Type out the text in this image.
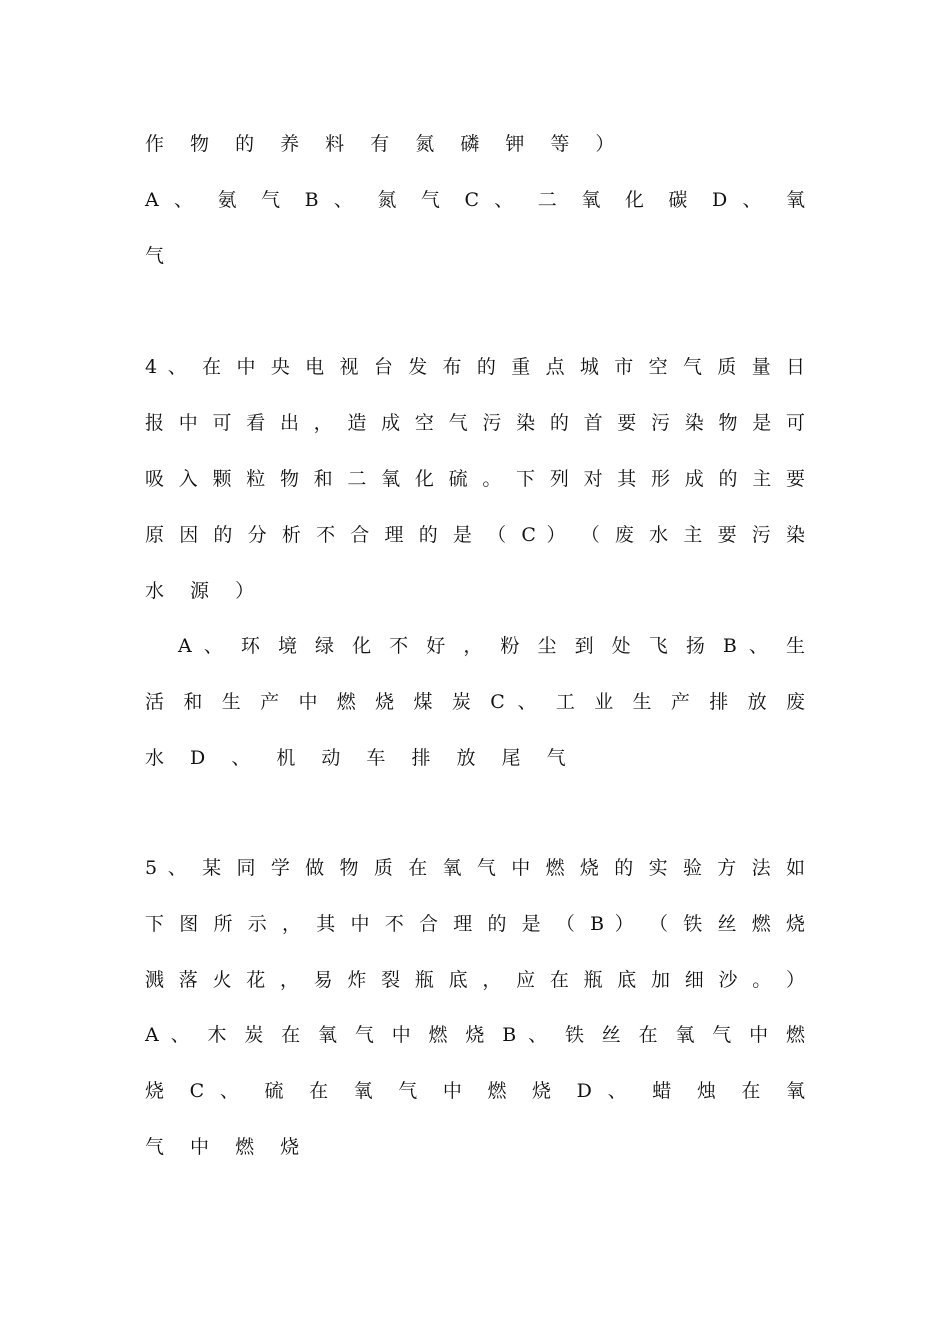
作 物 的 养 料 有 氮 磷 钾 等 ）
A 、 氨 气 B 、 氮 气 C 、 二 氧 化 碳 D 、 氧
气
4 、 在 中 央 电 视 台 发 布 的 重 点 城 市 空 气 质 量 日
报 中 可 看 出 ， 造 成 空 气 污 染 的 首 要 污 染 物 是 可
吸 入 颗 粒 物 和 二 氧 化 硫 。 下 列 对 其 形 成 的 主 要
原 因 的 分 析 不 合 理 的 是 （ C ） （ 废 水 主 要 污 染
水 源 ）
A 、 环 境 绿 化 不 好 ， 粉 尘 到 处 飞 扬 B 、 生
活 和 生 产 中 燃 烧 煤 炭 C 、 工 业 生 产 排 放 废
水 D 、 机 动 车 排 放 尾 气
5 、 某 同 学 做 物 质 在 氧 气 中 燃 烧 的 实 验 方 法 如
下 图 所 示 ， 其 中 不 合 理 的 是 （ B ） （ 铁 丝 燃 烧
溅 落 火 花 ， 易 炸 裂 瓶 底 ， 应 在 瓶 底 加 细 沙 。 ）
A 、 木 炭 在 氧 气 中 燃 烧 B 、 铁 丝 在 氧 气 中 燃
烧 C 、 硫 在 氧 气 中 燃 烧 D 、 蜡 烛 在 氧
气 中 燃 烧
